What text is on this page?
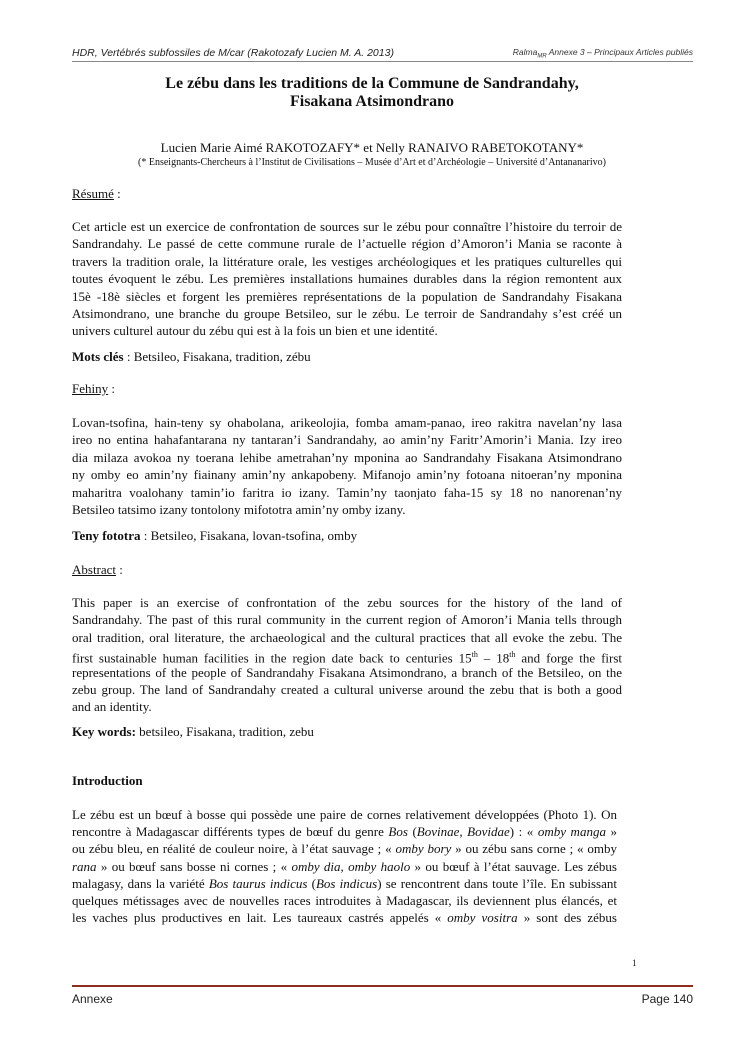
HDR, Vertébrés subfossiles de M/car (Rakotozafy Lucien M. A. 2013)	Ralma$_{MR}$ Annexe 3 – Principaux Articles publiés
Le zébu dans les traditions de la Commune de Sandrandahy,
Fisakana Atsimondrano
Lucien Marie Aimé RAKOTOZAFY* et Nelly RANAIVO RABETOKOTANY*
(* Enseignants-Chercheurs à l’Institut de Civilisations – Musée d’Art et d’Archéologie – Université d’Antananarivo)
Résumé :
Cet article est un exercice de confrontation de sources sur le zébu pour connaître l’histoire du terroir de
Sandrandahy. Le passé de cette commune rurale de l’actuelle région d’Amoron’i Mania se raconte à
travers la tradition orale, la littérature orale, les vestiges archéologiques et les pratiques culturelles qui
toutes évoquent le zébu. Les premières installations humaines durables dans la région remontent aux
15è -18è siècles et forgent les premières représentations de la population de Sandrandahy Fisakana
Atsimondrano, une branche du groupe Betsileo, sur le zébu. Le terroir de Sandrandahy s’est créé un
univers culturel autour du zébu qui est à la fois un bien et une identité.
Mots clés : Betsileo, Fisakana, tradition, zébu
Fehiny :
Lovan-tsofina, hain-teny sy ohabolana, arikeolojia, fomba amam-panao, ireo rakitra navelan’ny lasa
ireo no entina hahafantarana ny tantaran’i Sandrandahy, ao amin’ny Faritr’Amorin’i Mania. Izy ireo
dia milaza avokoa ny toerana lehibe ametrahan’ny mponina ao Sandrandahy Fisakana Atsimondrano
ny omby eo amin’ny fiainany amin’ny ankapobeny. Mifanojo amin’ny fotoana nitoeran’ny mponina
maharitra voalohany tamin’io faritra io izany. Tamin’ny taonjato faha-15 sy 18 no nanorenan’ny
Betsileo tatsimo izany tontolony mifototra amin’ny omby izany.
Teny fototra : Betsileo, Fisakana, lovan-tsofina, omby
Abstract :
This paper is an exercise of confrontation of the zebu sources for the history of the land of
Sandrandahy. The past of this rural community in the current region of Amoron’i Mania tells through
oral tradition, oral literature, the archaeological and the cultural practices that all evoke the zebu. The
first sustainable human facilities in the region date back to centuries 15th – 18th and forge the first
representations of the people of Sandrandahy Fisakana Atsimondrano, a branch of the Betsileo, on the
zebu group. The land of Sandrandahy created a cultural universe around the zebu that is both a good
and an identity.
Key words: betsileo, Fisakana, tradition, zebu
Introduction
Le zébu est un bœuf à bosse qui possède une paire de cornes relativement développées (Photo 1). On
rencontre à Madagascar différents types de bœuf du genre Bos (Bovinae, Bovidae) : « omby manga »
ou zébu bleu, en réalité de couleur noire, à l’état sauvage ; « omby bory » ou zébu sans corne ; « omby
rana » ou bœuf sans bosse ni cornes ; « omby dia, omby haolo » ou bœuf à l’état sauvage. Les zébus
malagasy, dans la variété Bos taurus indicus (Bos indicus) se rencontrent dans toute l’île. En subissant
quelques métissages avec de nouvelles races introduites à Madagascar, ils deviennent plus élancés, et
les vaches plus productives en lait. Les taureaux castrés appelés « omby vositra » sont des zébus
1
Annexe	Page 140
